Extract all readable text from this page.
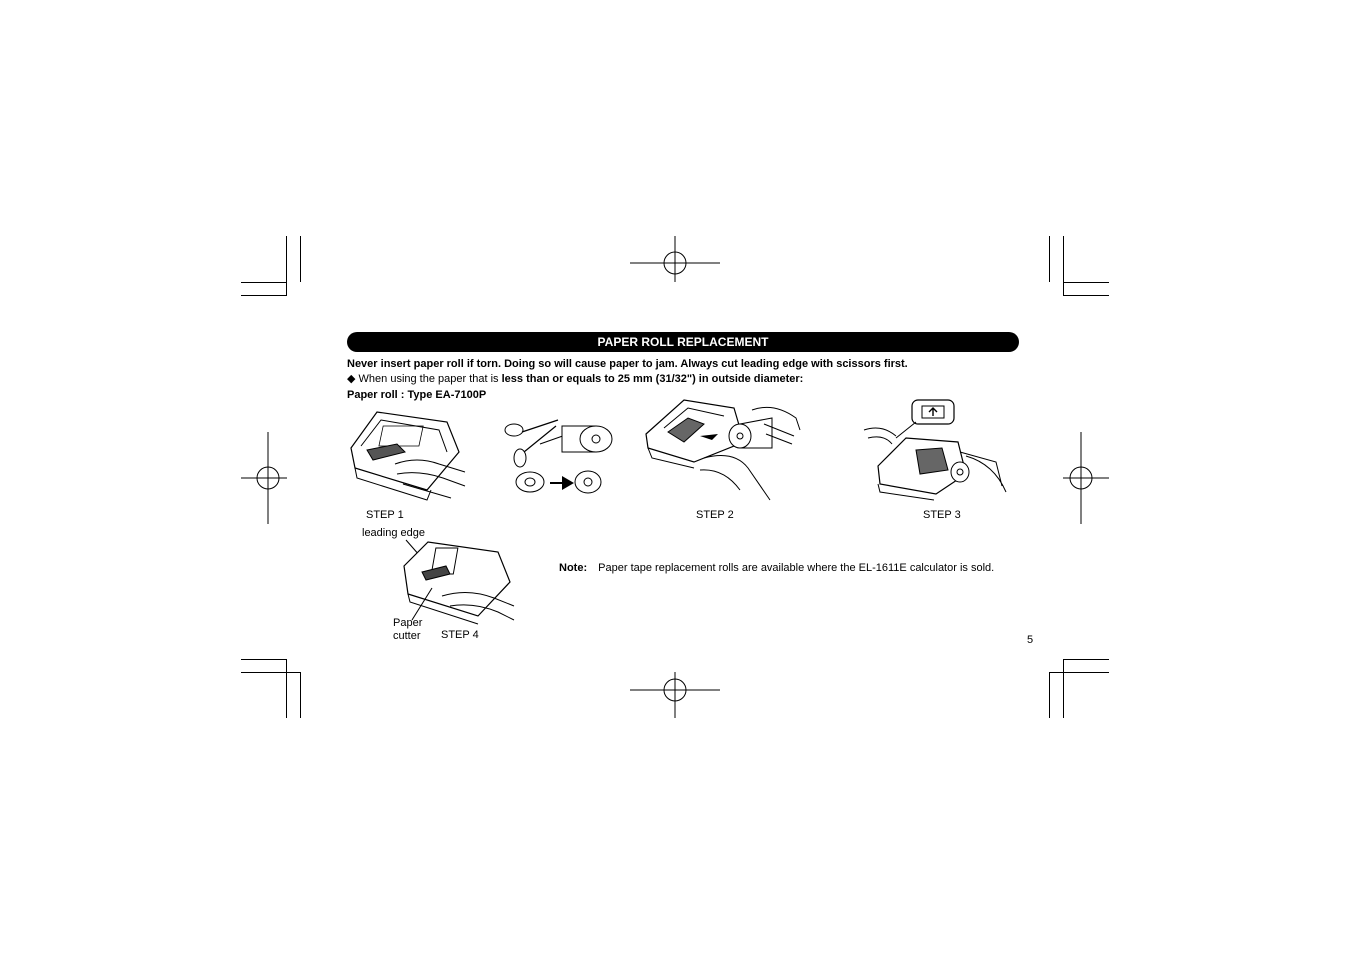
PAPER ROLL REPLACEMENT
Never insert paper roll if torn. Doing so will cause paper to jam. Always cut leading edge with scissors first.
◆ When using the paper that is less than or equals to 25 mm (31/32") in outside diameter:
Paper roll : Type EA-7100P
STEP 1	STEP 2	STEP 3
leading edge
Paper
cutter STEP 4
Note: Paper tape replacement rolls are available where the EL-1611E calculator is sold.
5
